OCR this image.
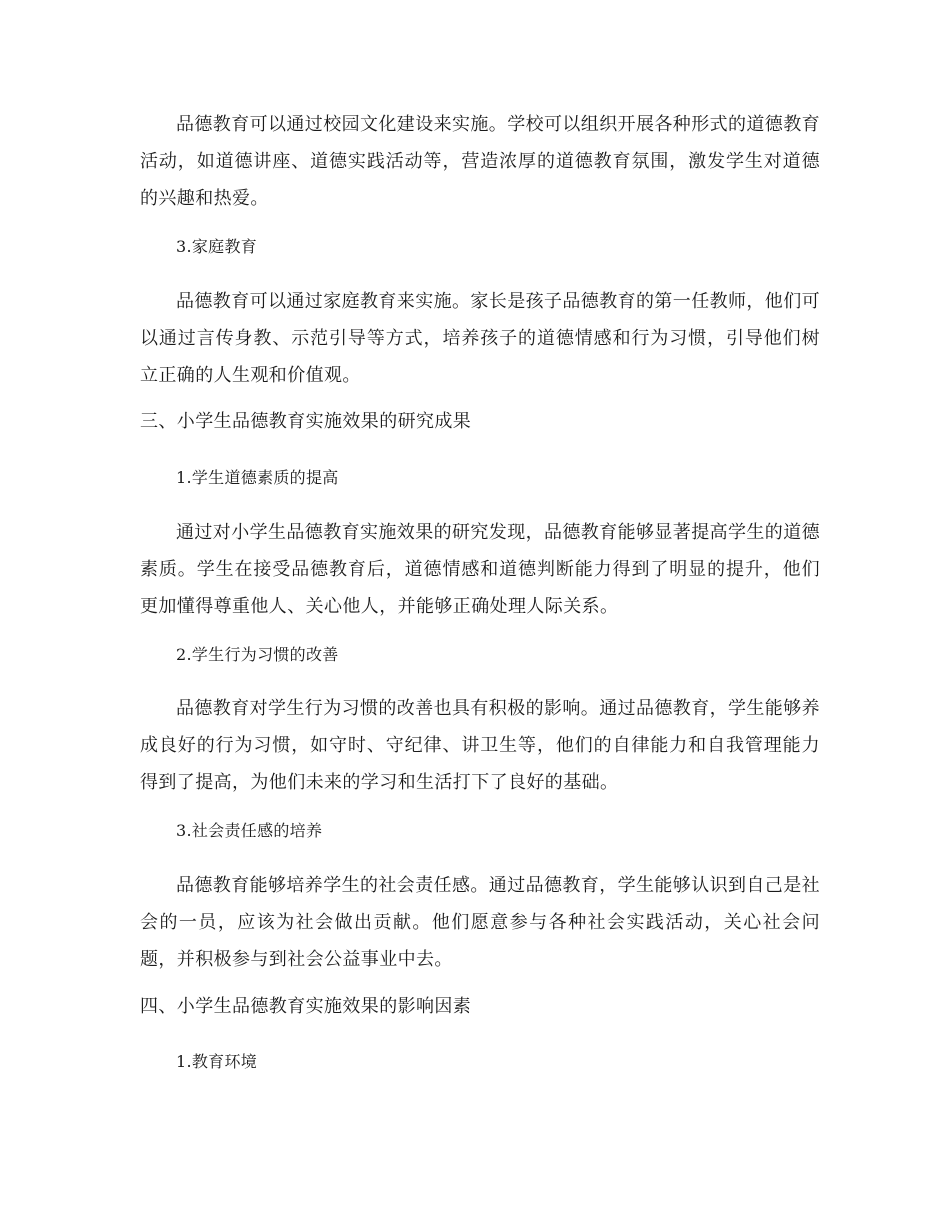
品德教育可以通过校园文化建设来实施。学校可以组织开展各种形式的道德教育活动，如道德讲座、道德实践活动等，营造浓厚的道德教育氛围，激发学生对道德的兴趣和热爱。

3.家庭教育

品德教育可以通过家庭教育来实施。家长是孩子品德教育的第一任教师，他们可以通过言传身教、示范引导等方式，培养孩子的道德情感和行为习惯，引导他们树立正确的人生观和价值观。

三、小学生品德教育实施效果的研究成果

1.学生道德素质的提高

通过对小学生品德教育实施效果的研究发现，品德教育能够显著提高学生的道德素质。学生在接受品德教育后，道德情感和道德判断能力得到了明显的提升，他们更加懂得尊重他人、关心他人，并能够正确处理人际关系。

2.学生行为习惯的改善

品德教育对学生行为习惯的改善也具有积极的影响。通过品德教育，学生能够养成良好的行为习惯，如守时、守纪律、讲卫生等，他们的自律能力和自我管理能力得到了提高，为他们未来的学习和生活打下了良好的基础。

3.社会责任感的培养

品德教育能够培养学生的社会责任感。通过品德教育，学生能够认识到自己是社会的一员，应该为社会做出贡献。他们愿意参与各种社会实践活动，关心社会问题，并积极参与到社会公益事业中去。

四、小学生品德教育实施效果的影响因素

1.教育环境
